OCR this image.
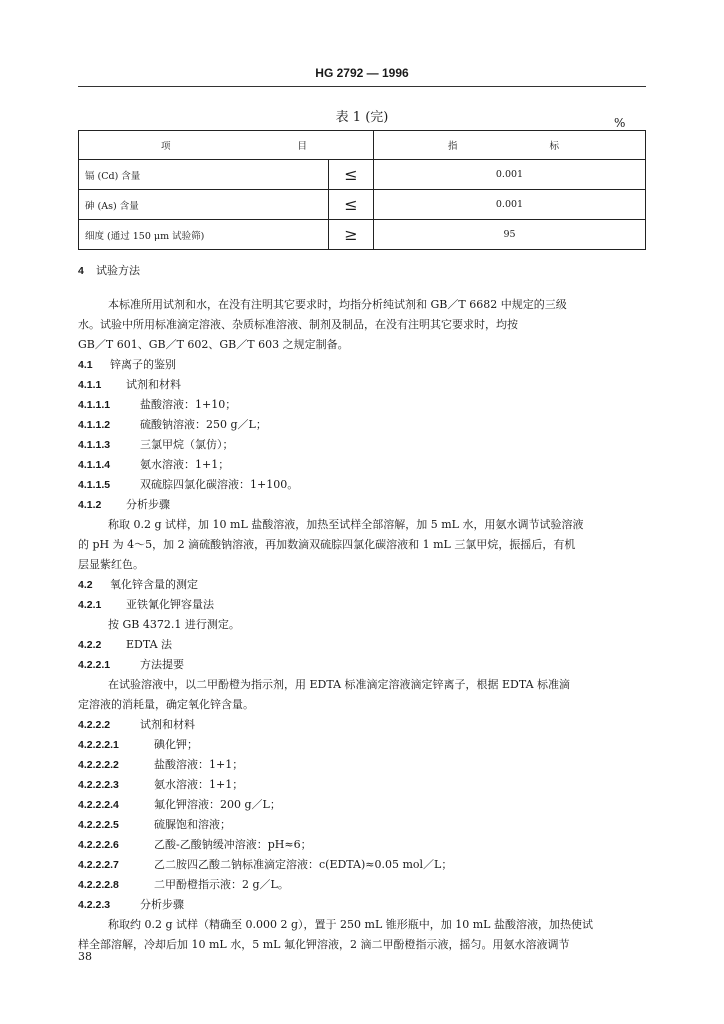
HG 2792 — 1996
表 1 (完)	%
项 目		指 标

镉 (Cd) 含量	≤	0.001
砷 (As) 含量	≤	0.001
细度 (通过 150 μm 试验筛)	≥	95
4 试验方法
本标准所用试剂和水，在没有注明其它要求时，均指分析纯试剂和 GB／T 6682 中规定的三级
水。试验中所用标准滴定溶液、杂质标准溶液、制剂及制品，在没有注明其它要求时，均按
GB／T 601、GB／T 602、GB／T 603 之规定制备。
4.1 锌离子的鉴别
4.1.1 试剂和材料
4.1.1.1	盐酸溶液：1+10；
4.1.1.2	硫酸钠溶液：250 g／L；
4.1.1.3	三氯甲烷（氯仿）；
4.1.1.4	氨水溶液：1+1；
4.1.1.5	双硫腙四氯化碳溶液：1+100。
4.1.2 分析步骤
称取 0.2 g 试样，加 10 mL 盐酸溶液，加热至试样全部溶解，加 5 mL 水，用氨水调节试验溶液
的 pH 为 4～5，加 2 滴硫酸钠溶液，再加数滴双硫腙四氯化碳溶液和 1 mL 三氯甲烷，振摇后，有机
层显紫红色。
4.2 氧化锌含量的测定
4.2.1 亚铁氰化钾容量法
按 GB 4372.1 进行测定。
4.2.2 EDTA 法
4.2.2.1	方法提要
在试验溶液中，以二甲酚橙为指示剂，用 EDTA 标准滴定溶液滴定锌离子，根据 EDTA 标准滴
定溶液的消耗量，确定氧化锌含量。
4.2.2.2	试剂和材料
4.2.2.2.1	碘化钾；
4.2.2.2.2	盐酸溶液：1+1；
4.2.2.2.3	氨水溶液：1+1；
4.2.2.2.4	氟化钾溶液：200 g／L；
4.2.2.2.5	硫脲饱和溶液；
4.2.2.2.6	乙酸-乙酸钠缓冲溶液：pH≈6；
4.2.2.2.7	乙二胺四乙酸二钠标准滴定溶液：c(EDTA)≈0.05 mol／L；
4.2.2.2.8	二甲酚橙指示液：2 g／L。
4.2.2.3	分析步骤
称取约 0.2 g 试样（精确至 0.000 2 g），置于 250 mL 锥形瓶中，加 10 mL 盐酸溶液，加热使试
样全部溶解，冷却后加 10 mL 水，5 mL 氟化钾溶液，2 滴二甲酚橙指示液，摇匀。用氨水溶液调节
38
